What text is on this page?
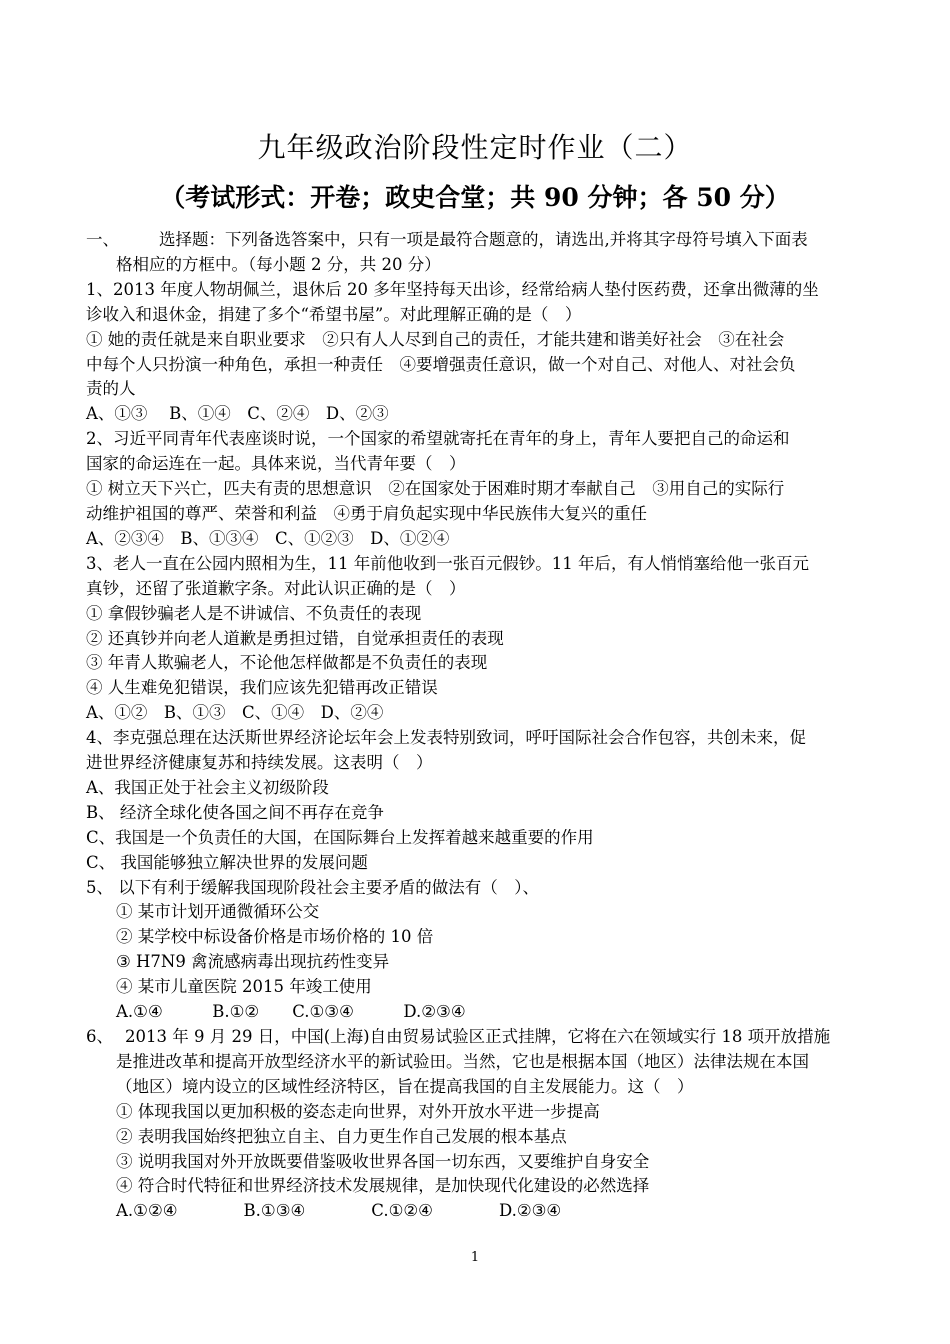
九年级政治阶段性定时作业（二）
（考试形式：开卷；政史合堂；共 90 分钟；各 50 分）
一、 选择题：下列备选答案中，只有一项是最符合题意的，请选出,并将其字母符号填入下面表
格相应的方框中。（每小题 2 分，共 20 分）
1、2013 年度人物胡佩兰，退休后 20 多年坚持每天出诊，经常给病人垫付医药费，还拿出微薄的坐
诊收入和退休金，捐建了多个“希望书屋”。对此理解正确的是（　）
① 她的责任就是来自职业要求　②只有人人尽到自己的责任，才能共建和谐美好社会　③在社会
中每个人只扮演一种角色，承担一种责任　④要增强责任意识，做一个对自己、对他人、对社会负
责的人
A、①③　 B、①④　C、②④　D、②③
2、习近平同青年代表座谈时说，一个国家的希望就寄托在青年的身上，青年人要把自己的命运和
国家的命运连在一起。具体来说，当代青年要（　）
① 树立天下兴亡，匹夫有责的思想意识　②在国家处于困难时期才奉献自己　③用自己的实际行
动维护祖国的尊严、荣誉和利益　④勇于肩负起实现中华民族伟大复兴的重任
A、②③④　B、①③④　C、①②③　D、①②④
3、老人一直在公园内照相为生，11 年前他收到一张百元假钞。11 年后，有人悄悄塞给他一张百元
真钞，还留了张道歉字条。对此认识正确的是（　）
① 拿假钞骗老人是不讲诚信、不负责任的表现
② 还真钞并向老人道歉是勇担过错，自觉承担责任的表现
③ 年青人欺骗老人，不论他怎样做都是不负责任的表现
④ 人生难免犯错误，我们应该先犯错再改正错误
A、①②　B、①③　C、①④　D、②④
4、李克强总理在达沃斯世界经济论坛年会上发表特别致词，呼吁国际社会合作包容，共创未来，促
进世界经济健康复苏和持续发展。这表明（　）
A、我国正处于社会主义初级阶段
B、 经济全球化使各国之间不再存在竞争
C、我国是一个负责任的大国，在国际舞台上发挥着越来越重要的作用
C、 我国能够独立解决世界的发展问题
5、 以下有利于缓解我国现阶段社会主要矛盾的做法有（　）、
① 某市计划开通微循环公交
② 某学校中标设备价格是市场价格的 10 倍
③ H7N9 禽流感病毒出现抗药性变异
④ 某市儿童医院 2015 年竣工使用
A.①④　　　B.①②　　C.①③④　　　D.②③④
6、 2013 年 9 月 29 日，中国(上海)自由贸易试验区正式挂牌，它将在六在领域实行 18 项开放措施
是推进改革和提高开放型经济水平的新试验田。当然，它也是根据本国（地区）法律法规在本国
（地区）境内设立的区域性经济特区，旨在提高我国的自主发展能力。这（　）
① 体现我国以更加积极的姿态走向世界，对外开放水平进一步提高
② 表明我国始终把独立自主、自力更生作自己发展的根本基点
③ 说明我国对外开放既要借鉴吸收世界各国一切东西，又要维护自身安全
④ 符合时代特征和世界经济技术发展规律，是加快现代化建设的必然选择
A.①②④　　　　B.①③④　　　　C.①②④　　　　D.②③④
1
